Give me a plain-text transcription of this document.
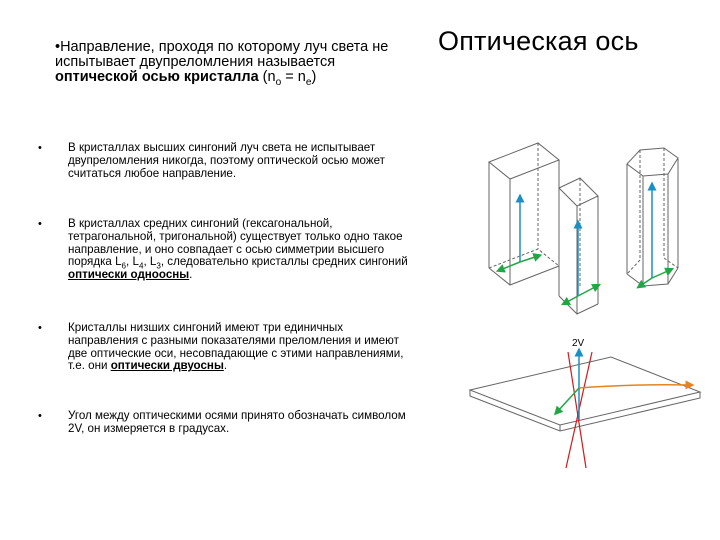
Оптическая ось
•Направление, проходя по которому луч света не испытывает двупреломления называется оптической осью кристалла $(n_o = n_e)$
• В кристаллах высших сингоний луч света не испытывает двупреломления никогда, поэтому оптической осью может считаться любое направление.
• В кристаллах средних сингоний (гексагональной, тетрагональной, тригональной) существует только одно такое направление, и оно совпадает с осью симметрии высшего порядка $L_6$, $L_4$, $L_3$, следовательно кристаллы средних сингоний оптически одноосны.
• Кристаллы низших сингоний имеют три единичных направления с разными показателями преломления и имеют две оптические оси, несовпадающие с этими направлениями, т.е. они оптически двуосны.
• Угол между оптическими осями принято обозначать символом 2V, он измеряется в градусах.
2V
